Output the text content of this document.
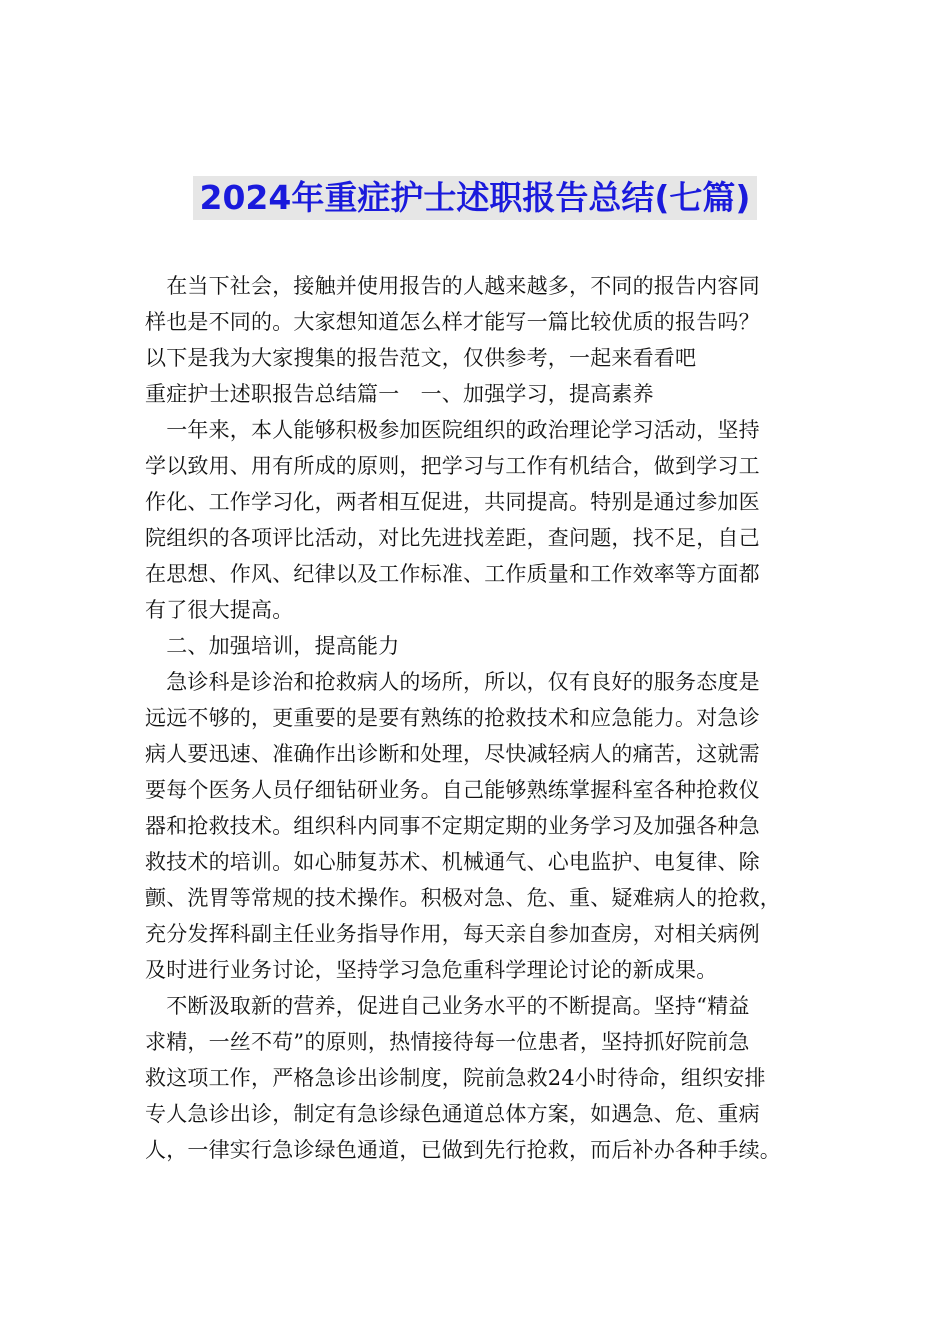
2024年重症护士述职报告总结(七篇)
　在当下社会，接触并使用报告的人越来越多，不同的报告内容同
样也是不同的。大家想知道怎么样才能写一篇比较优质的报告吗？
以下是我为大家搜集的报告范文，仅供参考，一起来看看吧
重症护士述职报告总结篇一　一、加强学习，提高素养
　一年来，本人能够积极参加医院组织的政治理论学习活动，坚持
学以致用、用有所成的原则，把学习与工作有机结合，做到学习工
作化、工作学习化，两者相互促进，共同提高。特别是通过参加医
院组织的各项评比活动，对比先进找差距，查问题，找不足，自己
在思想、作风、纪律以及工作标准、工作质量和工作效率等方面都
有了很大提高。
　二、加强培训，提高能力
　急诊科是诊治和抢救病人的场所，所以，仅有良好的服务态度是
远远不够的，更重要的是要有熟练的抢救技术和应急能力。对急诊
病人要迅速、准确作出诊断和处理，尽快减轻病人的痛苦，这就需
要每个医务人员仔细钻研业务。自己能够熟练掌握科室各种抢救仪
器和抢救技术。组织科内同事不定期定期的业务学习及加强各种急
救技术的培训。如心肺复苏术、机械通气、心电监护、电复律、除
颤、洗胃等常规的技术操作。积极对急、危、重、疑难病人的抢救，
充分发挥科副主任业务指导作用，每天亲自参加查房，对相关病例
及时进行业务讨论，坚持学习急危重科学理论讨论的新成果。
　不断汲取新的营养，促进自己业务水平的不断提高。坚持“精益
求精，一丝不苟”的原则，热情接待每一位患者，坚持抓好院前急
救这项工作，严格急诊出诊制度，院前急救24小时待命，组织安排
专人急诊出诊，制定有急诊绿色通道总体方案，如遇急、危、重病
人，一律实行急诊绿色通道，已做到先行抢救，而后补办各种手续。
